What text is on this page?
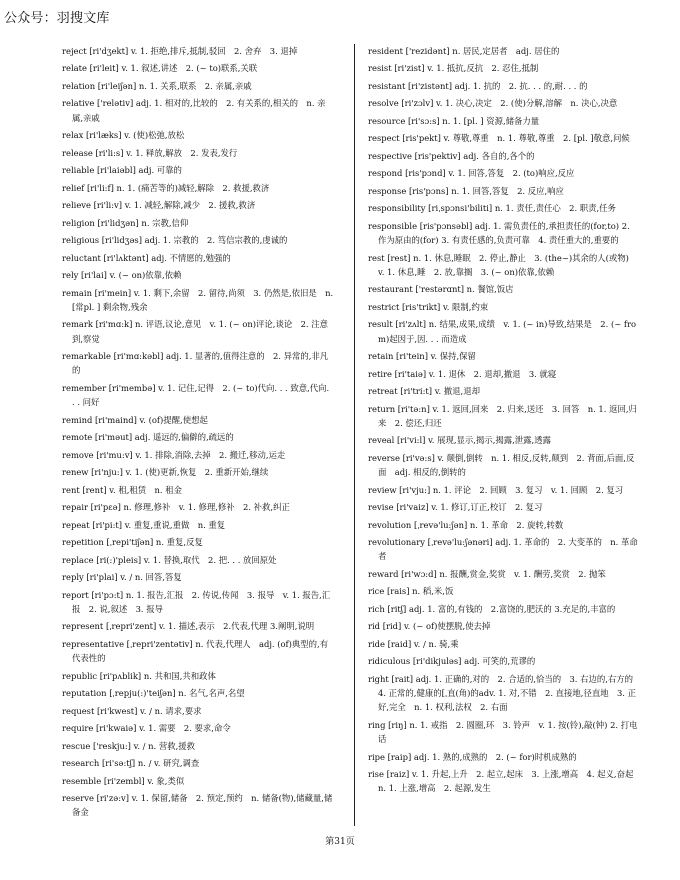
公众号：羽搜文库
reject [ri'dʒekt] v. 1. 拒绝,排斥,抵制,驳回　2. 舍弃　3. 退掉
relate [ri'leit] v. 1. 叙述,讲述　2. (~ to)联系,关联
relation [ri'leiʃən] n. 1. 关系,联系　2. 亲属,亲戚
relative ['relətiv] adj. 1. 相对的,比较的　2. 有关系的,相关的　n. 亲属,亲戚
relax [ri'læks] v. (使)松弛,放松
release [ri'li:s] v. 1. 释放,解放　2. 发表,发行
reliable [ri'laiəbl] adj. 可靠的
relief [ri'li:f] n. 1. (痛苦等的)减轻,解除　2. 救援,救济
relieve [ri'li:v] v. 1. 减轻,解除,减少　2. 援救,救济
religion [ri'lidʒən] n. 宗教,信仰
religious [ri'lidʒəs] adj. 1. 宗教的　2. 笃信宗教的,虔诚的
reluctant [ri'lʌktənt] adj. 不情愿的,勉强的
rely [ri'lai] v. (~ on)依靠,依赖
remain [ri'mein] v. 1. 剩下,余留　2. 留待,尚须　3. 仍然是,依旧是　n. [常pl. ] 剩余物,残余
remark [ri'mɑ:k] n. 评语,议论,意见　v. 1. (~ on)评论,谈论　2. 注意到,察觉
remarkable [ri'mɑ:kəbl] adj. 1. 显著的,值得注意的　2. 异常的,非凡的
remember [ri'membə] v. 1. 记住,记得　2. (~ to)代向. . . 致意,代向. . . 问好
remind [ri'maind] v. (of)提醒,使想起
remote [ri'məut] adj. 遥远的,偏僻的,疏远的
remove [ri'mu:v] v. 1. 排除,消除,去掉　2. 搬迁,移动,运走
renew [ri'nju:] v. 1. (使)更新,恢复　2. 重新开始,继续
rent [rent] v. 租,租赁　n. 租金
repair [ri'pɛə] n. 修理,修补　v. 1. 修理,修补　2. 补救,纠正
repeat [ri'pi:t] v. 重复,重说,重做　n. 重复
repetition [ˌrepi'tiʃən] n. 重复,反复
replace [ri(:)'pleis] v. 1. 替换,取代　2. 把. . . 放回原处
reply [ri'plai] v. / n. 回答,答复
report [ri'pɔ:t] n. 1. 报告,汇报　2. 传说,传闻　3. 报导　v. 1. 报告,汇报　2. 说,叙述　3. 报导
represent [ˌrepri'zent] v. 1. 描述,表示　2.代表,代理 3.阐明,说明
representative [ˌrepri'zentətiv] n. 代表,代理人　adj. (of)典型的,有代表性的
republic [ri'pʌblik] n. 共和国,共和政体
reputation [ˌrepju(:)'teiʃən] n. 名气,名声,名望
request [ri'kwest] v. / n. 请求,要求
require [ri'kwaiə] v. 1. 需要　2. 要求,命令
rescue ['reskju:] v. / n. 营救,援救
research [ri'sə:tʃ] n. / v. 研究,调查
resemble [ri'zembl] v. 象,类似
reserve [ri'zə:v] v. 1. 保留,储备　2. 预定,预约　n. 储备(物),储藏量,储备金
resident ['rezidənt] n. 居民,定居者　adj. 居住的
resist [ri'zist] v. 1. 抵抗,反抗　2. 忍住,抵制
resistant [ri'zistənt] adj. 1. 抗的　2. 抗. . . 的,耐. . . 的
resolve [ri'zɔlv] v. 1. 决心,决定　2. (使)分解,溶解　n. 决心,决意
resource [ri'sɔ:s] n. 1. [pl. ] 资源,储备力量
respect [ris'pekt] v. 尊敬,尊重　n. 1. 尊敬,尊重　2. [pl. ]敬意,问候
respective [ris'pektiv] adj. 各自的,各个的
respond [ris'pɔnd] v. 1. 回答,答复　2. (to)响应,反应
response [ris'pɔns] n. 1. 回答,答复　2. 反应,响应
responsibility [riˌspɔnsi'biliti] n. 1. 责任,责任心　2. 职责,任务
responsible [ris'pɔnsəbl] adj. 1. 需负责任的,承担责任的(for,to) 2. 作为原由的(for) 3. 有责任感的,负责可靠　4. 责任重大的,重要的
rest [rest] n. 1. 休息,睡眠　2. 停止,静止　3. (the~)其余的人(或物)　v. 1. 休息,睡　2. 放,靠搁　3. (~ on)依靠,依赖
restaurant ['restərɑnt] n. 餐馆,饭店
restrict [ris'trikt] v. 限制,约束
result [ri'zʌlt] n. 结果,成果,成绩　v. 1. (~ in)导致,结果是　2. (~ from)起因于,因. . . 而造成
retain [ri'tein] v. 保持,保留
retire [ri'taiə] v. 1. 退休　2. 退却,撤退　3. 就寝
retreat [ri'tri:t] v. 撤退,退却
return [ri'tə:n] v. 1. 返回,回来　2. 归来,送还　3. 回答　n. 1. 返回,归来　2. 偿还,归还
reveal [ri'vi:l] v. 展现,显示,揭示,揭露,泄露,透露
reverse [ri'və:s] v. 颠倒,倒转　n. 1. 相反,反转,颠到　2. 背面,后面,反面　adj. 相反的,倒转的
review [ri'vju:] n. 1. 评论　2. 回顾　3. 复习　v. 1. 回顾　2. 复习
revise [ri'vaiz] v. 1. 修订,订正,校订　2. 复习
revolution [ˌrevə'lu:ʃən] n. 1. 革命　2. 旋转,转数
revolutionary [ˌrevə'lu:ʃənəri] adj. 1. 革命的　2. 大变革的　n. 革命者
reward [ri'wɔ:d] n. 报酬,赏金,奖赏　v. 1. 酬劳,奖赏　2. 抛笨
rice [rais] n. 稻,米,饭
rich [ritʃ] adj. 1. 富的,有钱的　2.富饶的,肥沃的 3.充足的,丰富的
rid [rid] v. (~ of)使摆脱,使去掉
ride [raid] v. / n. 骑,乘
ridiculous [ri'dikjuləs] adj. 可笑的,荒谬的
right [rait] adj. 1. 正确的,对的　2. 合适的,恰当的　3. 右边的,右方的　4. 正常的,健康的[ˌ直(角)的adv. 1. 对,不错　2. 直接地,径直地　3. 正好,完全　n. 1. 权利,法权　2. 右面
ring [riŋ] n. 1. 戒指　2. 圆圈,环　3. 铃声　v. 1. 按(铃),敲(钟) 2. 打电话
ripe [raip] adj. 1. 熟的,成熟的　2. (~ for)时机成熟的
rise [raiz] v. 1. 升起,上升　2. 起立,起床　3. 上涨,增高　4. 起义,奋起　n. 1. 上涨,增高　2. 起源,发生
第31页
